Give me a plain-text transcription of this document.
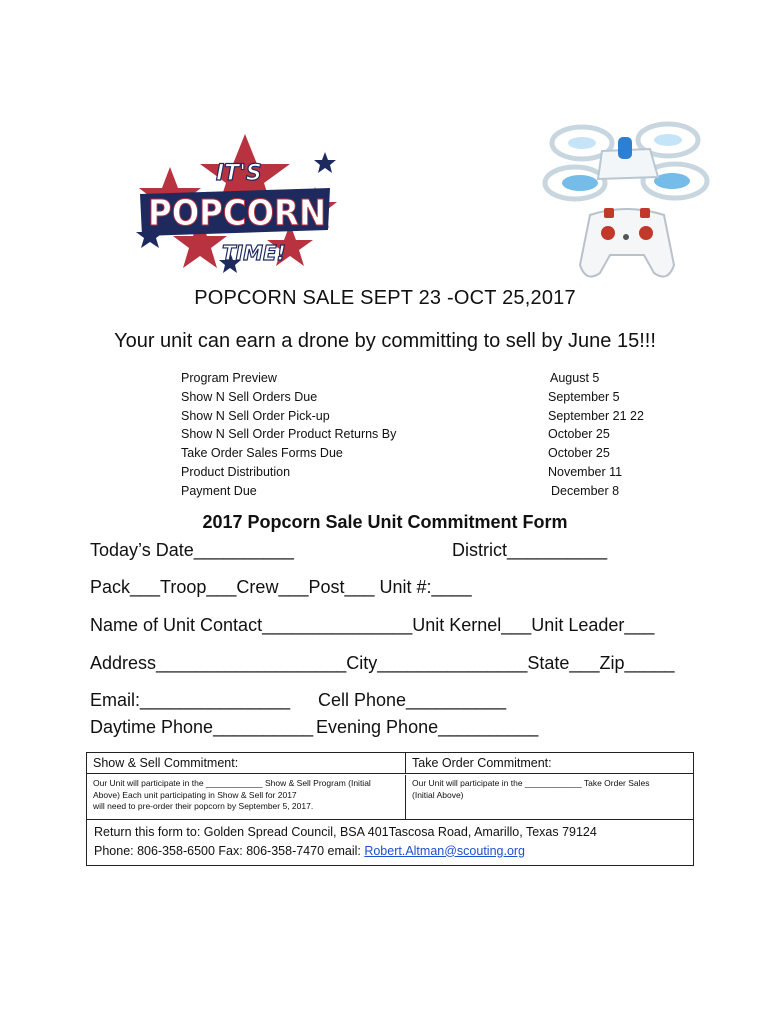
IT'S
POPCORN
TIME!
POPCORN SALE SEPT 23 -OCT 25,2017
Your unit can earn a drone by committing to sell by June 15!!!
Program Preview
Show N Sell Orders Due
Show N Sell Order Pick-up
Show N Sell Order Product Returns By
Take Order Sales Forms Due
Product Distribution
Payment Due
August 5
September 5
September 21 22
October 25
October 25
November 11
December 8
2017 Popcorn Sale Unit Commitment Form
Today’s Date__________	District__________
Pack___Troop___Crew___Post___ Unit #:____
Name of Unit Contact_______________Unit Kernel___Unit Leader___
Address___________________City_______________State___Zip_____
Email:_______________ Cell Phone__________
Daytime Phone__________ Evening Phone__________
Show & Sell Commitment:	Take Order Commitment:
Our Unit will participate in the ____________ Show & Sell Program (Initial
Above) Each unit participating in Show & Sell for 2017
will need to pre-order their popcorn by September 5, 2017.
Our Unit will participate in the ____________ Take Order Sales
(Initial Above)
Return this form to: Golden Spread Council, BSA 401Tascosa Road, Amarillo, Texas 79124
Phone: 806-358-6500 Fax: 806-358-7470 email: Robert.Altman@scouting.org
